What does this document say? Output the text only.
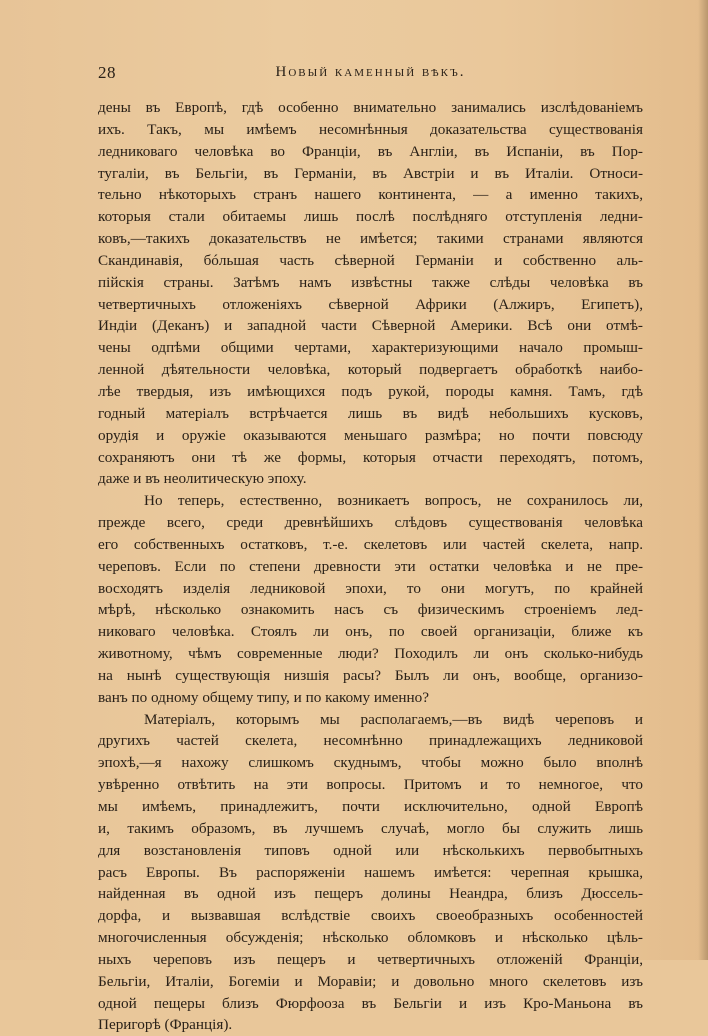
28	Новый каменный вѣкъ.
дены въ Европѣ, гдѣ особенно внимательно занимались изслѣдованіемъ
ихъ. Такъ, мы имѣемъ несомнѣнныя доказательства существованія
ледниковаго человѣка во Франціи, въ Англіи, въ Испаніи, въ Пор-
тугаліи, въ Бельгіи, въ Германіи, въ Австріи и въ Италіи. Относи-
тельно нѣкоторыхъ странъ нашего континента, — а именно такихъ,
которыя стали обитаемы лишь послѣ послѣдняго отступленія ледни-
ковъ,—такихъ доказательствъ не имѣется; такими странами являются
Скандинавія, бóльшая часть сѣверной Германіи и собственно аль-
пійскія страны. Затѣмъ намъ извѣстны также слѣды человѣка въ
четвертичныхъ отложеніяхъ сѣверной Африки (Алжиръ, Египетъ),
Индіи (Деканъ) и западной части Сѣверной Америки. Всѣ они отмѣ-
чены одпѣми общими чертами, характеризующими начало промыш-
ленной дѣятельности человѣка, который подвергаетъ обработкѣ наибо-
лѣе твердыя, изъ имѣющихся подъ рукой, породы камня. Тамъ, гдѣ
годный матеріалъ встрѣчается лишь въ видѣ небольшихъ кусковъ,
орудія и оружіе оказываются меньшаго размѣра; но почти повсюду
сохраняютъ они тѣ же формы, которыя отчасти переходятъ, потомъ,
даже и въ неолитическую эпоху.
Но теперь, естественно, возникаетъ вопросъ, не сохранилось ли,
прежде всего, среди древнѣйшихъ слѣдовъ существованія человѣка
его собственныхъ остатковъ, т.-е. скелетовъ или частей скелета, напр.
череповъ. Если по степени древности эти остатки человѣка и не пре-
восходятъ изделія ледниковой эпохи, то они могутъ, по крайней
мѣрѣ, нѣсколько ознакомить насъ съ физическимъ строеніемъ лед-
никоваго человѣка. Стоялъ ли онъ, по своей организаціи, ближе къ
животному, чѣмъ современные люди? Походилъ ли онъ сколько-нибудь
на нынѣ существующія низшія расы? Былъ ли онъ, вообще, организо-
ванъ по одному общему типу, и по какому именно?
Матеріалъ, которымъ мы располагаемъ,—въ видѣ череповъ и
другихъ частей скелета, несомнѣнно принадлежащихъ ледниковой
эпохѣ,—я нахожу слишкомъ скуднымъ, чтобы можно было вполнѣ
увѣренно отвѣтить на эти вопросы. Притомъ и то немногое, что
мы имѣемъ, принадлежитъ, почти исключительно, одной Европѣ
и, такимъ образомъ, въ лучшемъ случаѣ, могло бы служить лишь
для возстановленія типовъ одной или нѣсколькихъ первобытныхъ
расъ Европы. Въ распоряженіи нашемъ имѣется: черепная крышка,
найденная въ одной изъ пещеръ долины Неандра, близъ Дюссель-
дорфа, и вызвавшая вслѣдствіе своихъ своеобразныхъ особенностей
многочисленныя обсужденія; нѣсколько обломковъ и нѣсколько цѣль-
ныхъ череповъ изъ пещеръ и четвертичныхъ отложеній Франціи,
Бельгіи, Италіи, Богеміи и Моравіи; и довольно много скелетовъ изъ
одной пещеры близъ Фюрфооза въ Бельгіи и изъ Кро-Маньона въ
Перигорѣ (Франція).
